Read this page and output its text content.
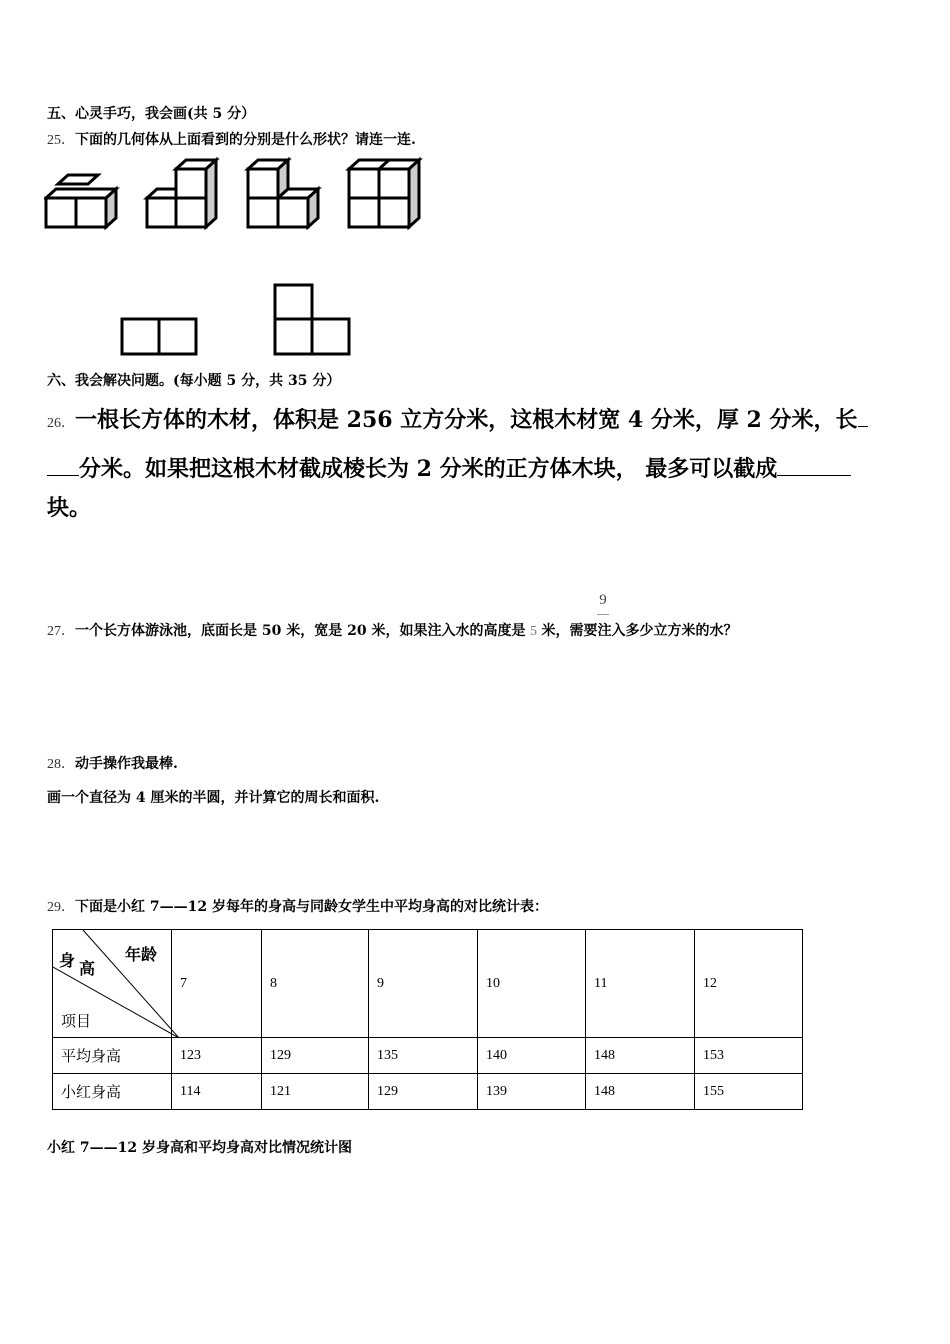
五、心灵手巧，我会画(共 5 分）
25．下面的几何体从上面看到的分别是什么形状？请连一连.
六、我会解决问题。(每小题 5 分，共 35 分）
26．一根长方体的木材，体积是 256 立方分米，这根木材宽 4 分米，厚 2 分米，长
分米。如果把这根木材截成棱长为 2 分米的正方体木块， 最多可以截成
块。
9
27．一个长方体游泳池，底面长是 50 米，宽是 20 米，如果注入水的高度是 5 米，需要注入多少立方米的水？
28．动手操作我最棒.
画一个直径为 4 厘米的半圆，并计算它的周长和面积.
29．下面是小红 7——12 岁每年的身高与同龄女学生中平均身高的对比统计表：
年龄
身 高
项目	7	8	9	10	11	12
平均身高	123	129	135	140	148	153
小红身高	114	121	129	139	148	155
小红 7——12 岁身高和平均身高对比情况统计图
